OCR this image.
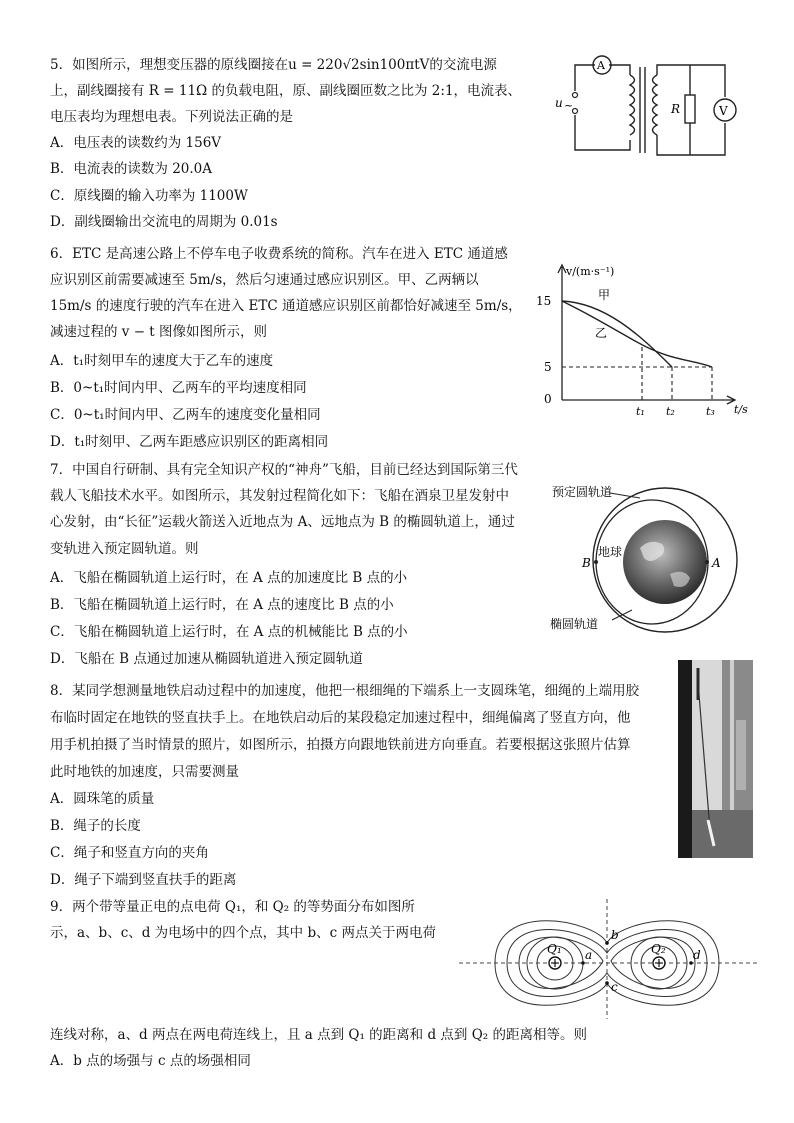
5．如图所示，理想变压器的原线圈接在u = 220√2sin100πtV的交流电源
上，副线圈接有 R = 11Ω 的负载电阻，原、副线圈匝数之比为 2:1，电流表、
电压表均为理想电表。下列说法正确的是
A．电压表的读数约为 156V
B．电流表的读数为 20.0A
C．原线圈的输入功率为 1100W
D．副线圈输出交流电的周期为 0.01s
A
V
R
u ~
6．ETC 是高速公路上不停车电子收费系统的简称。汽车在进入 ETC 通道感
应识别区前需要减速至 5m/s，然后匀速通过感应识别区。甲、乙两辆以
15m/s 的速度行驶的汽车在进入 ETC 通道感应识别区前都恰好减速至 5m/s，
减速过程的 v − t 图像如图所示，则
A．t₁时刻甲车的速度大于乙车的速度
B．0~t₁时间内甲、乙两车的平均速度相同
C．0~t₁时间内甲、乙两车的速度变化量相同
D．t₁时刻甲、乙两车距感应识别区的距离相同
v/(m·s⁻¹)
t/s
15
5
0
t₁ t₂	t₃
甲
乙
7．中国自行研制、具有完全知识产权的“神舟”飞船，目前已经达到国际第三代
载人飞船技术水平。如图所示，其发射过程简化如下：飞船在酒泉卫星发射中
心发射，由“长征”运载火箭送入近地点为 A、远地点为 B 的椭圆轨道上，通过
变轨进入预定圆轨道。则
A．飞船在椭圆轨道上运行时，在 A 点的加速度比 B 点的小
B．飞船在椭圆轨道上运行时，在 A 点的速度比 B 点的小
C．飞船在椭圆轨道上运行时，在 A 点的机械能比 B 点的小
D．飞船在 B 点通过加速从椭圆轨道进入预定圆轨道
预定圆轨道
椭圆轨道
地球
B	A
8．某同学想测量地铁启动过程中的加速度，他把一根细绳的下端系上一支圆珠笔，细绳的上端用胶
布临时固定在地铁的竖直扶手上。在地铁启动后的某段稳定加速过程中，细绳偏离了竖直方向，他
用手机拍摄了当时情景的照片，如图所示，拍摄方向跟地铁前进方向垂直。若要根据这张照片估算
此时地铁的加速度，只需要测量
A．圆珠笔的质量
B．绳子的长度
C．绳子和竖直方向的夹角
D．绳子下端到竖直扶手的距离
9．两个带等量正电的点电荷 Q₁，和 Q₂ 的等势面分布如图所
示，a、b、c、d 为电场中的四个点，其中 b、c 两点关于两电荷
连线对称，a、d 两点在两电荷连线上，且 a 点到 Q₁ 的距离和 d 点到 Q₂ 的距离相等。则
A．b 点的场强与 c 点的场强相同
Q₁	Q₂
a
b
c
d
